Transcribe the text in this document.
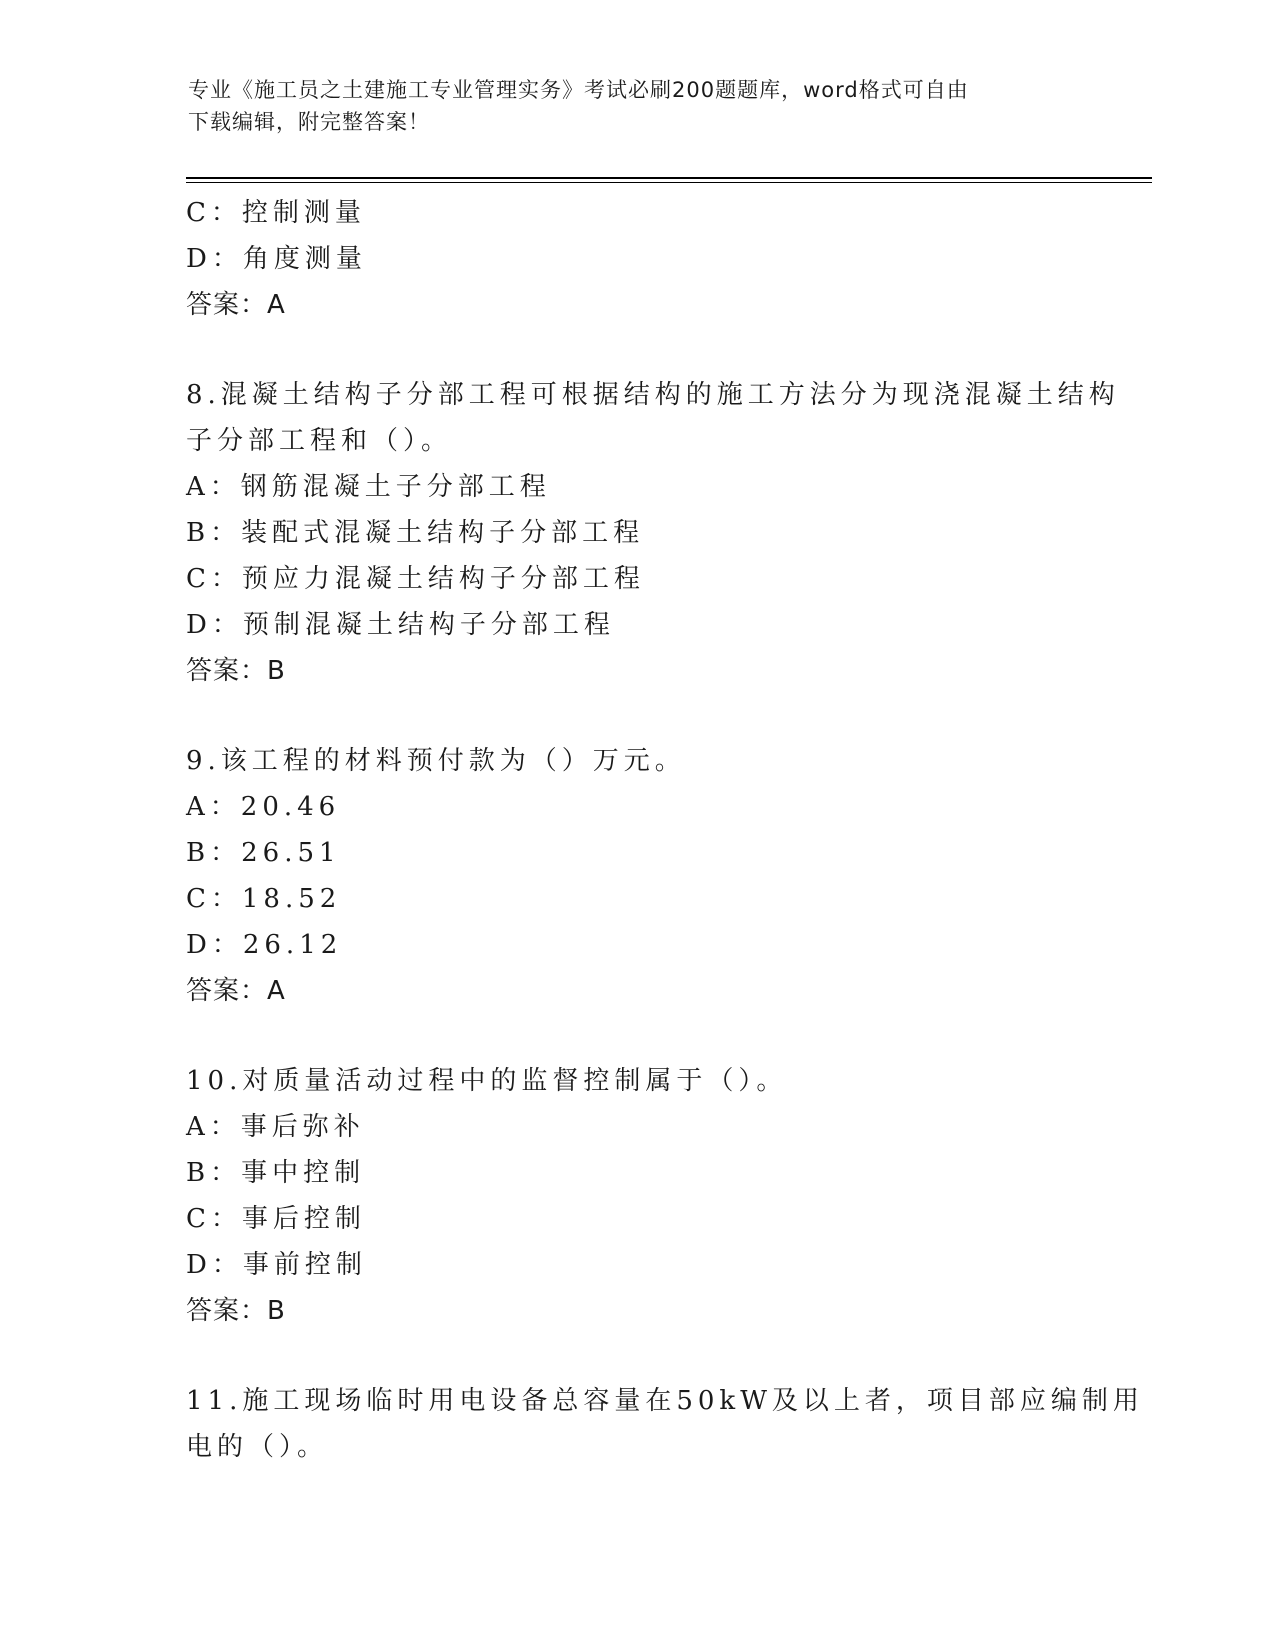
专业《施工员之土建施工专业管理实务》考试必刷200题题库，word格式可自由
下载编辑，附完整答案！
C：控制测量
D：角度测量
答案：A
8.混凝土结构子分部工程可根据结构的施工方法分为现浇混凝土结构
子分部工程和（）。
A：钢筋混凝土子分部工程
B：装配式混凝土结构子分部工程
C：预应力混凝土结构子分部工程
D：预制混凝土结构子分部工程
答案：B
9.该工程的材料预付款为（）万元。
A：20.46
B：26.51
C：18.52
D：26.12
答案：A
10.对质量活动过程中的监督控制属于（）。
A：事后弥补
B：事中控制
C：事后控制
D：事前控制
答案：B
11.施工现场临时用电设备总容量在50kW及以上者，项目部应编制用
电的（）。
